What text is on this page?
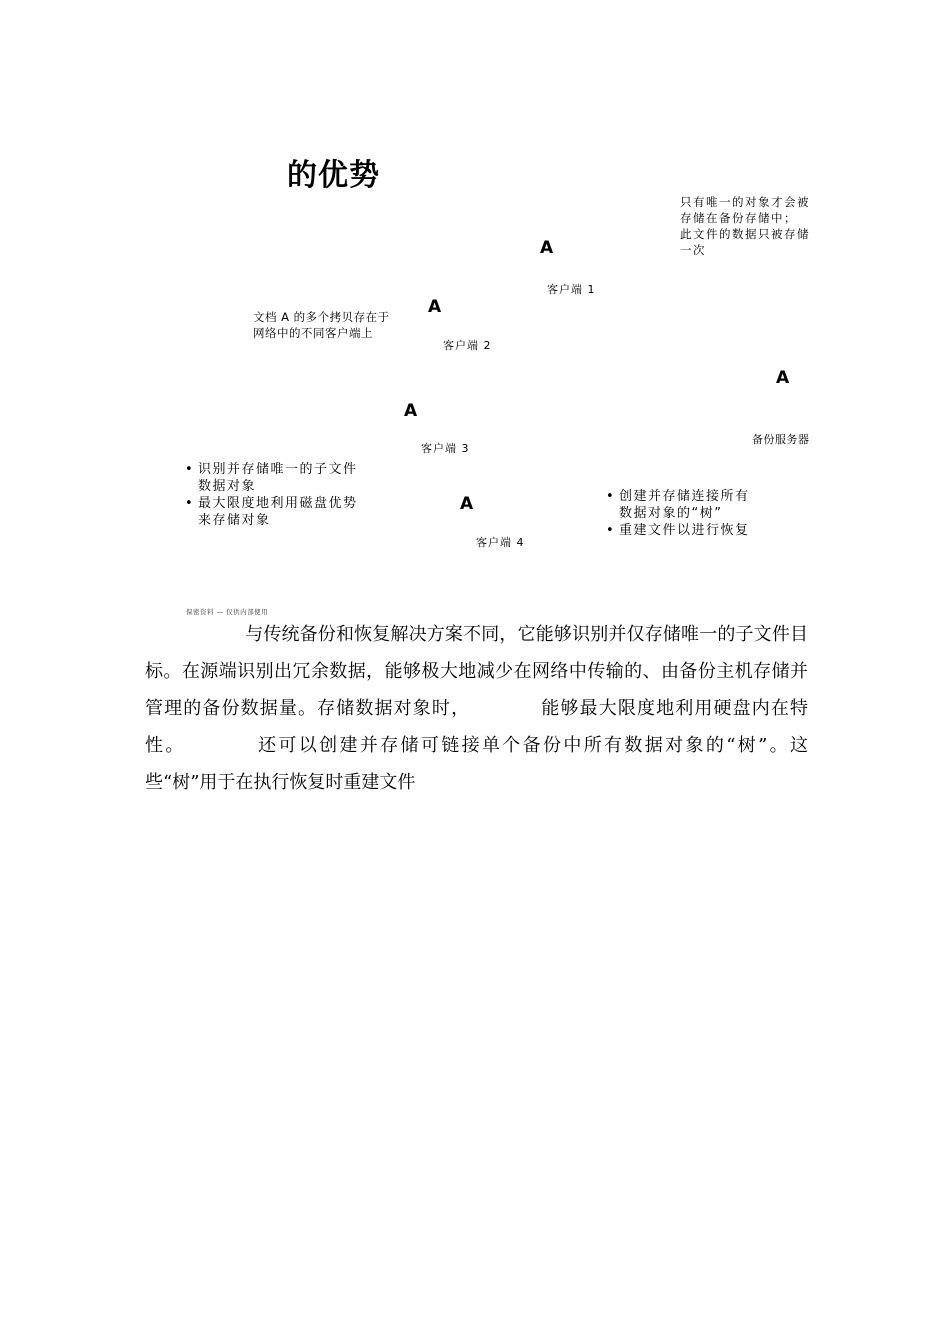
的优势
只有唯一的对象才会被
存储在备份存储中；
此文件的数据只被存储
一次
文档 A 的多个拷贝存在于
网络中的不同客户端上
A
客户端 1
A
客户端 2
A
备份服务器
A
客户端 3
A
客户端 4
• 识别并存储唯一的子文件
数据对象
• 最大限度地利用磁盘优势
来存储对象
• 创建并存储连接所有
数据对象的“树”
• 重建文件以进行恢复
保密资料 — 仅供内部使用

与传统备份和恢复解决方案不同，它能够识别并仅存储唯一的子文件目标。在源端识别出冗余数据，能够极大地减少在网络中传输的、由备份主机存储并管理的备份数据量。存储数据对象时，	能够最大限度地利用硬盘内在特性。	还可以创建并存储可链接单个备份中所有数据对象的“树”。这些“树”用于在执行恢复时重建文件
